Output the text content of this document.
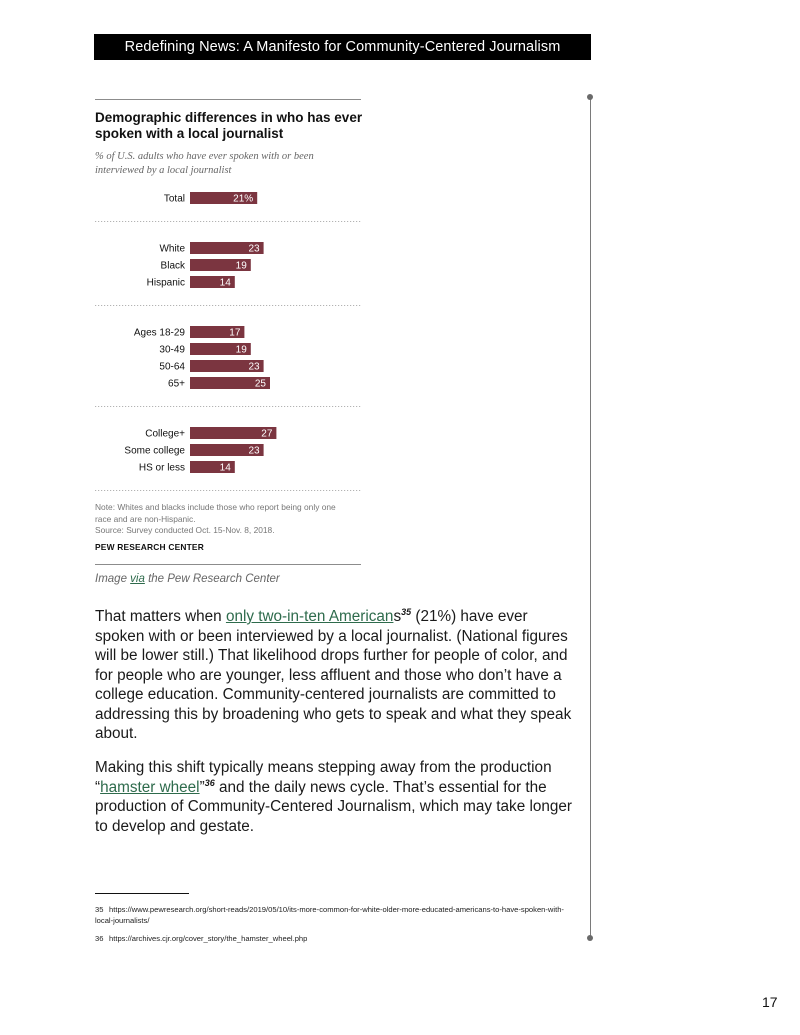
Redefining News: A Manifesto for Community-Centered Journalism
Demographic differences in who has ever spoken with a local journalist
% of U.S. adults who have ever spoken with or been interviewed by a local journalist
Total	21%
White	23
Black	19
Hispanic	14
Ages 18-29	17
30-49	19
50-64	23
65+	25
College+	27
Some college	23
HS or less	14
Note: Whites and blacks include those who report being only one
race and are non-Hispanic.
Source: Survey conducted Oct. 15-Nov. 8, 2018.
PEW RESEARCH CENTER
Image via the Pew Research Center
That matters when only two-in-ten Americans$^{35}$ (21%) have ever spoken with or been interviewed by a local journalist. (National figures will be lower still.) That likelihood drops further for people of color, and for people who are younger, less affluent and those who don’t have a college education. Community-centered journalists are committed to addressing this by broadening who gets to speak and what they speak about.
Making this shift typically means stepping away from the production “hamster wheel”$^{36}$ and the daily news cycle. That’s essential for the production of Community-Centered Journalism, which may take longer to develop and gestate.
35 https://www.pewresearch.org/short-reads/2019/05/10/its-more-common-for-white-older-more-educated-americans-to-have-spoken-with-local-journalists/
36 https://archives.cjr.org/cover_story/the_hamster_wheel.php
17
